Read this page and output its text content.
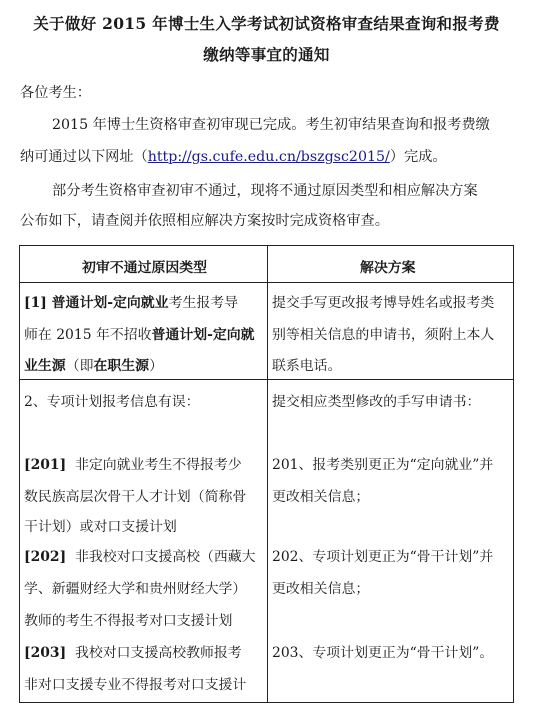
关于做好 2015 年博士生入学考试初试资格审查结果查询和报考费
缴纳等事宜的通知
各位考生：
2015 年博士生资格审查初审现已完成。考生初审结果查询和报考费缴
纳可通过以下网址（http://gs.cufe.edu.cn/bszgsc2015/）完成。
部分考生资格审查初审不通过，现将不通过原因类型和相应解决方案
公布如下，请查阅并依照相应解决方案按时完成资格审查。
初审不通过原因类型	解决方案
[1] 普通计划-定向就业考生报考导
师在 2015 年不招收普通计划-定向就
业生源（即在职生源）
提交手写更改报考博导姓名或报考类
别等相关信息的申请书，须附上本人
联系电话。
2、专项计划报考信息有误：
[201] 非定向就业考生不得报考少
数民族高层次骨干人才计划（简称骨
干计划）或对口支援计划
[202] 非我校对口支援高校（西藏大
学、新疆财经大学和贵州财经大学）
教师的考生不得报考对口支援计划
[203] 我校对口支援高校教师报考
非对口支援专业不得报考对口支援计
提交相应类型修改的手写申请书：
201、报考类别更正为“定向就业”并
更改相关信息；
202、专项计划更正为“骨干计划”并
更改相关信息；
203、专项计划更正为“骨干计划”。
